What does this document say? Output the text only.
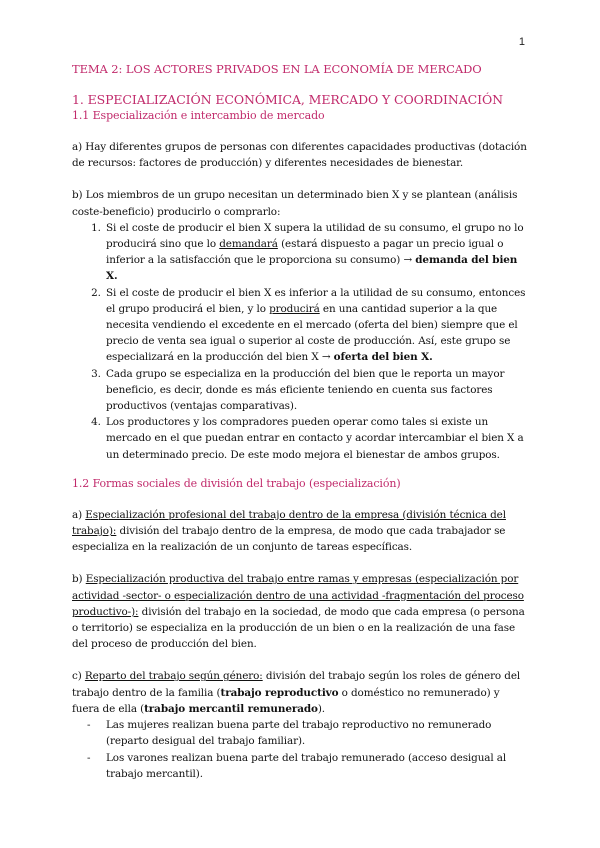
1
TEMA 2: LOS ACTORES PRIVADOS EN LA ECONOMÍA DE MERCADO
1. ESPECIALIZACIÓN ECONÓMICA, MERCADO Y COORDINACIÓN
1.1 Especialización e intercambio de mercado

a) Hay diferentes grupos de personas con diferentes capacidades productivas (dotación de recursos: factores de producción) y diferentes necesidades de bienestar.

b) Los miembros de un grupo necesitan un determinado bien X y se plantean (análisis coste-beneficio) producirlo o comprarlo:

1. Si el coste de producir el bien X supera la utilidad de su consumo, el grupo no lo producirá sino que lo demandará (estará dispuesto a pagar un precio igual o inferior a la satisfacción que le proporciona su consumo) → demanda del bien X.
2. Si el coste de producir el bien X es inferior a la utilidad de su consumo, entonces el grupo producirá el bien, y lo producirá en una cantidad superior a la que necesita vendiendo el excedente en el mercado (oferta del bien) siempre que el precio de venta sea igual o superior al coste de producción. Así, este grupo se especializará en la producción del bien X → oferta del bien X.
3. Cada grupo se especializa en la producción del bien que le reporta un mayor beneficio, es decir, donde es más eficiente teniendo en cuenta sus factores productivos (ventajas comparativas).
4. Los productores y los compradores pueden operar como tales si existe un mercado en el que puedan entrar en contacto y acordar intercambiar el bien X a un determinado precio. De este modo mejora el bienestar de ambos grupos.
1.2 Formas sociales de división del trabajo (especialización)

a) Especialización profesional del trabajo dentro de la empresa (división técnica del trabajo): división del trabajo dentro de la empresa, de modo que cada trabajador se especializa en la realización de un conjunto de tareas específicas.

b) Especialización productiva del trabajo entre ramas y empresas (especialización por actividad -sector- o especialización dentro de una actividad -fragmentación del proceso productivo-): división del trabajo en la sociedad, de modo que cada empresa (o persona o territorio) se especializa en la producción de un bien o en la realización de una fase del proceso de producción del bien.

c) Reparto del trabajo según género: división del trabajo según los roles de género del trabajo dentro de la familia (trabajo reproductivo o doméstico no remunerado) y fuera de ella (trabajo mercantil remunerado).

- Las mujeres realizan buena parte del trabajo reproductivo no remunerado (reparto desigual del trabajo familiar).
- Los varones realizan buena parte del trabajo remunerado (acceso desigual al trabajo mercantil).
